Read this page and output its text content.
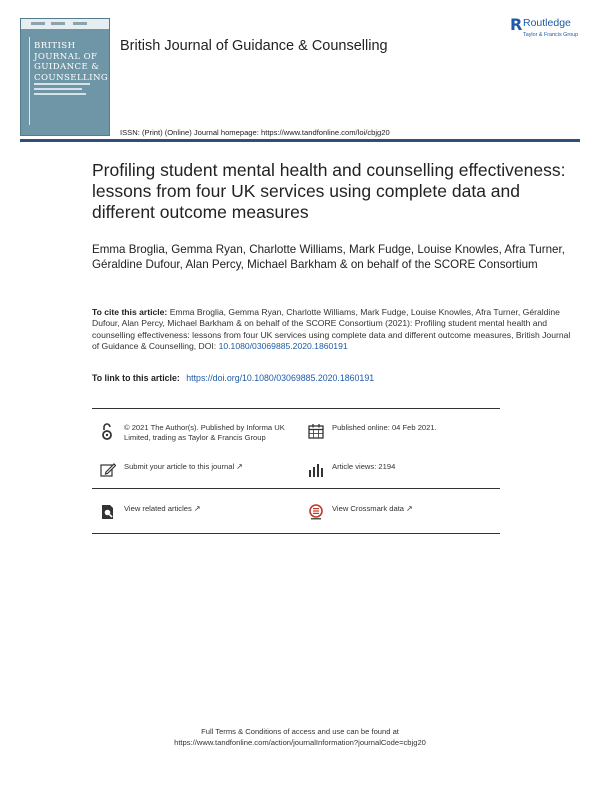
BRITISH
JOURNAL OF
GUIDANCE &
COUNSELLING
British Journal of Guidance & Counselling
ISSN: (Print) (Online) Journal homepage: https://www.tandfonline.com/loi/cbjg20
R Routledge
Taylor & Francis Group
Profiling student mental health and counselling effectiveness: lessons from four UK services using complete data and different outcome measures
Emma Broglia, Gemma Ryan, Charlotte Williams, Mark Fudge, Louise Knowles, Afra Turner, Géraldine Dufour, Alan Percy, Michael Barkham & on behalf of the SCORE Consortium
To cite this article: Emma Broglia, Gemma Ryan, Charlotte Williams, Mark Fudge, Louise Knowles, Afra Turner, Géraldine Dufour, Alan Percy, Michael Barkham & on behalf of the SCORE Consortium (2021): Profiling student mental health and counselling effectiveness: lessons from four UK services using complete data and different outcome measures, British Journal of Guidance & Counselling, DOI: 10.1080/03069885.2020.1860191
To link to this article: https://doi.org/10.1080/03069885.2020.1860191
© 2021 The Author(s). Published by Informa UK Limited, trading as Taylor & Francis Group
Published online: 04 Feb 2021.
Submit your article to this journal ↗	Article views: 2194
View related articles ↗	View Crossmark data ↗
Full Terms & Conditions of access and use can be found at
https://www.tandfonline.com/action/journalInformation?journalCode=cbjg20
